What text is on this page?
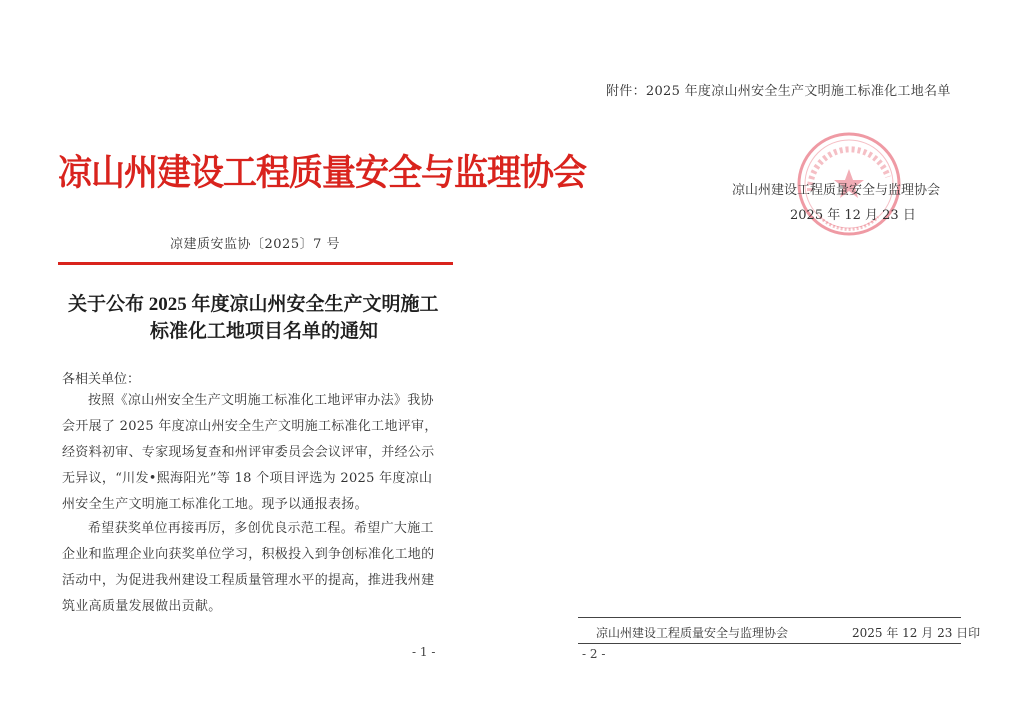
凉山州建设工程质量安全与监理协会
凉建质安监协〔2025〕7 号
关于公布 2025 年度凉山州安全生产文明施工
标准化工地项目名单的通知
各相关单位：
按照《凉山州安全生产文明施工标准化工地评审办法》我协
会开展了 2025 年度凉山州安全生产文明施工标准化工地评审，
经资料初审、专家现场复查和州评审委员会会议评审，并经公示
无异议，“川发•熙海阳光”等 18 个项目评选为 2025 年度凉山
州安全生产文明施工标准化工地。现予以通报表扬。
希望获奖单位再接再厉，多创优良示范工程。希望广大施工
企业和监理企业向获奖单位学习，积极投入到争创标准化工地的
活动中，为促进我州建设工程质量管理水平的提高，推进我州建
筑业高质量发展做出贡献。
- 1 -
附件：2025 年度凉山州安全生产文明施工标准化工地名单
凉山州建设工程质量安全与监理协会
2025 年 12 月 23 日
凉山州建设工程质量安全与监理协会	2025 年 12 月 23 日印
- 2 -
